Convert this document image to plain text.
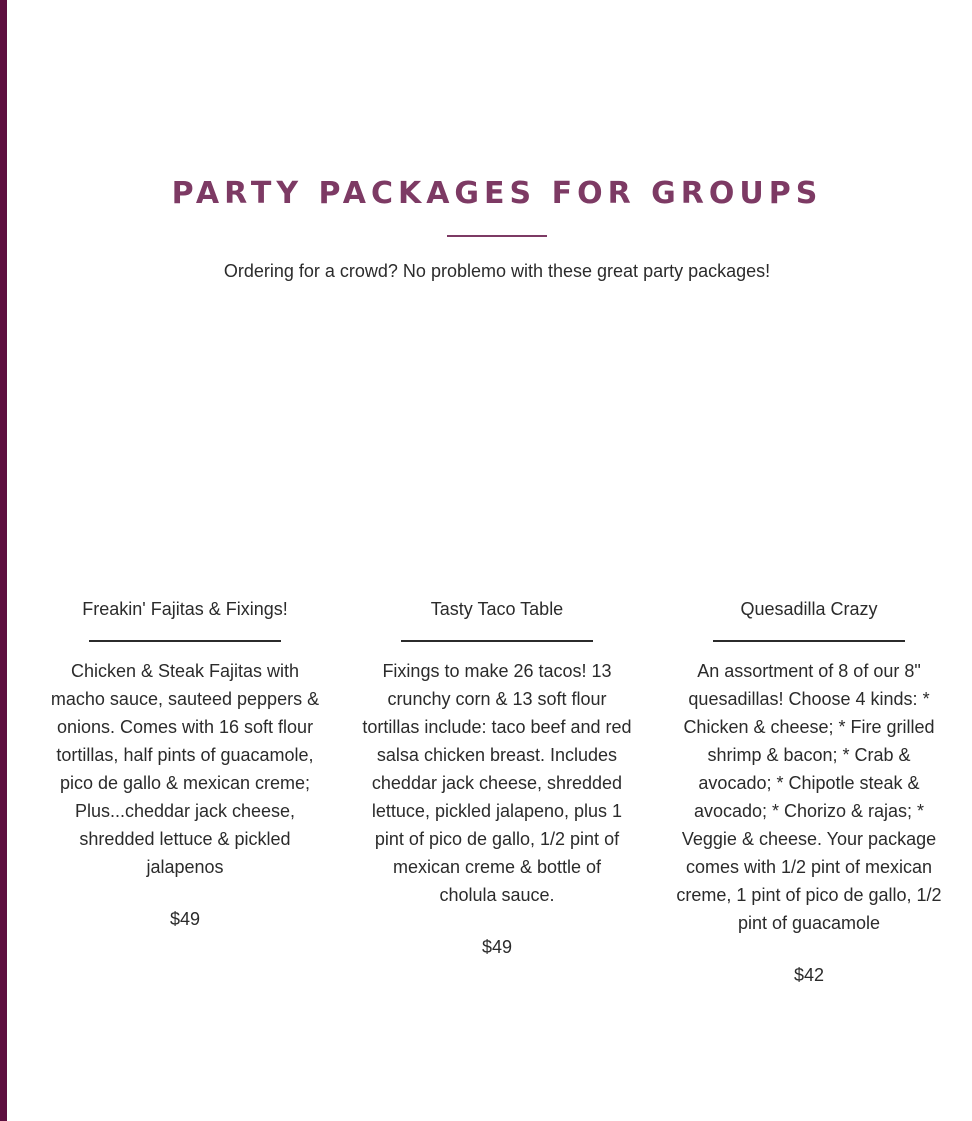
PARTY PACKAGES FOR GROUPS

Ordering for a crowd? No problemo with these great party packages!

Freakin' Fajitas & Fixings!

Chicken & Steak Fajitas with macho sauce, sauteed peppers & onions. Comes with 16 soft flour tortillas, half pints of guacamole, pico de gallo & mexican creme; Plus...cheddar jack cheese, shredded lettuce & pickled jalapenos

$49

Tasty Taco Table

Fixings to make 26 tacos! 13 crunchy corn & 13 soft flour tortillas include: taco beef and red salsa chicken breast. Includes cheddar jack cheese, shredded lettuce, pickled jalapeno, plus 1 pint of pico de gallo, 1/2 pint of mexican creme & bottle of cholula sauce.

$49

Quesadilla Crazy

An assortment of 8 of our 8" quesadillas! Choose 4 kinds: * Chicken & cheese; * Fire grilled shrimp & bacon; * Crab & avocado; * Chipotle steak & avocado; * Chorizo & rajas; * Veggie & cheese. Your package comes with 1/2 pint of mexican creme, 1 pint of pico de gallo, 1/2 pint of guacamole

$42
